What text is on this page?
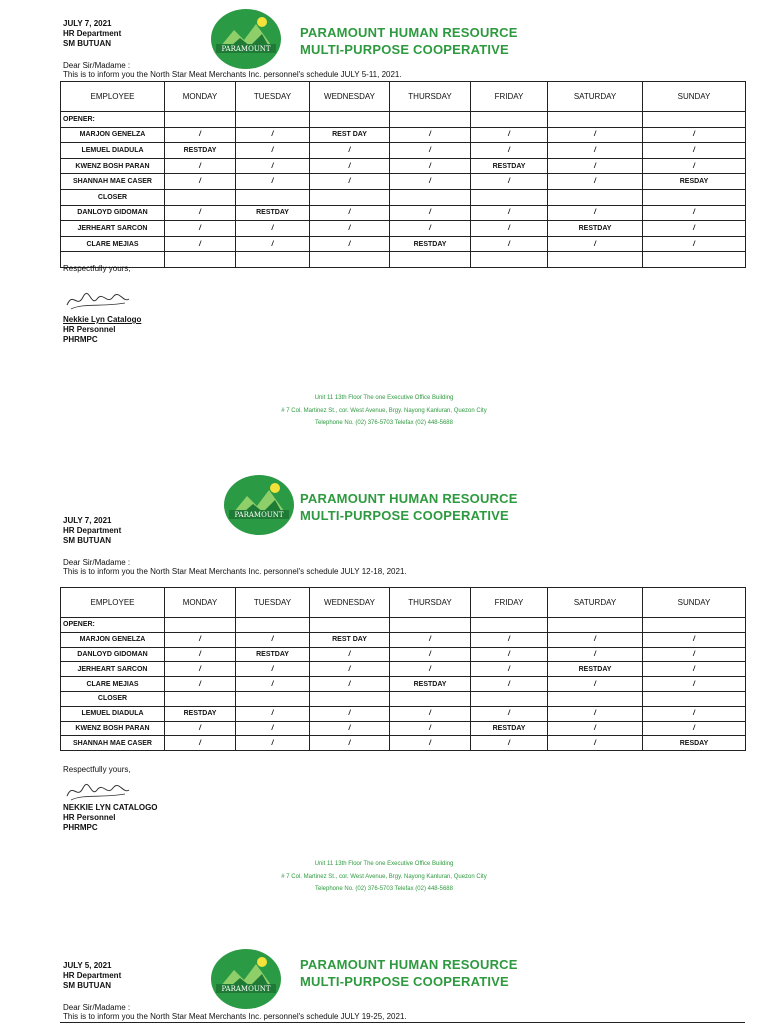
JULY 7, 2021
HR Department
SM BUTUAN
PARAMOUNT
PARAMOUNT HUMAN RESOURCE
MULTI-PURPOSE COOPERATIVE
Dear Sir/Madame :
This is to inform you the North Star Meat Merchants Inc. personnel's schedule JULY 5-11, 2021.
EMPLOYEE	MONDAY	TUESDAY	WEDNESDAY	THURSDAY	FRIDAY	SATURDAY	SUNDAY
OPENER:							
MARJON GENELZA	/	/	REST DAY	/	/	/	/
LEMUEL DIADULA	RESTDAY	/	/	/	/	/	/
KWENZ BOSH PARAN	/	/	/	/	RESTDAY	/	/
SHANNAH MAE CASER	/	/	/	/	/	/	RESDAY
CLOSER							
DANLOYD GIDOMAN	/	RESTDAY	/	/	/	/	/
JERHEART SARCON	/	/	/	/	/	RESTDAY	/
CLARE MEJIAS	/	/	/	RESTDAY	/	/	/

Respectfully yours,
Nekkie Lyn Catalogo
HR Personnel
PHRMPC
Unit 11 13th Floor The one Executive Office Building
# 7 Col. Martinez St., cor. West Avenue, Brgy. Nayong Kanluran, Quezon City
Telephone No. (02) 376-5703 Telefax (02) 448-5688
PARAMOUNT
PARAMOUNT HUMAN RESOURCE
MULTI-PURPOSE COOPERATIVE
JULY 7, 2021
HR Department
SM BUTUAN
Dear Sir/Madame :
This is to inform you the North Star Meat Merchants Inc. personnel's schedule JULY 12-18, 2021.
EMPLOYEE	MONDAY	TUESDAY	WEDNESDAY	THURSDAY	FRIDAY	SATURDAY	SUNDAY
OPENER:							
MARJON GENELZA	/	/	REST DAY	/	/	/	/
DANLOYD GIDOMAN	/	RESTDAY	/	/	/	/	/
JERHEART SARCON	/	/	/	/	/	RESTDAY	/
CLARE MEJIAS	/	/	/	RESTDAY	/	/	/
CLOSER							
LEMUEL DIADULA	RESTDAY	/	/	/	/	/	/
KWENZ BOSH PARAN	/	/	/	/	RESTDAY	/	/
SHANNAH MAE CASER	/	/	/	/	/	/	RESDAY
Respectfully yours,
NEKKIE LYN CATALOGO
HR Personnel
PHRMPC
Unit 11 13th Floor The one Executive Office Building
# 7 Col. Martinez St., cor. West Avenue, Brgy. Nayong Kanluran, Quezon City
Telephone No. (02) 376-5703 Telefax (02) 448-5688
PARAMOUNT
PARAMOUNT HUMAN RESOURCE
MULTI-PURPOSE COOPERATIVE
JULY 5, 2021
HR Department
SM BUTUAN
Dear Sir/Madame :
This is to inform you the North Star Meat Merchants Inc. personnel's schedule JULY 19-25, 2021.
